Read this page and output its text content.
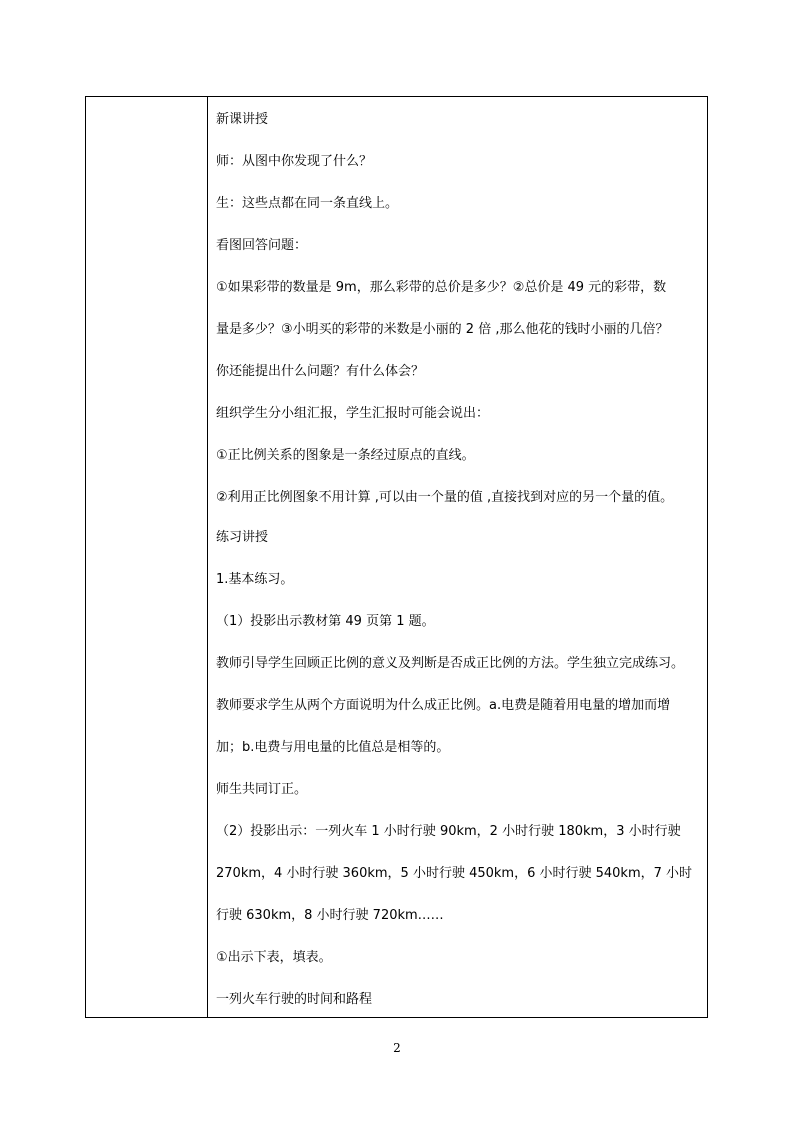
新课讲授
师：从图中你发现了什么？
生：这些点都在同一条直线上。
看图回答问题：
①如果彩带的数量是 9m，那么彩带的总价是多少？②总价是 49 元的彩带，数
量是多少？③小明买的彩带的米数是小丽的 2 倍 ,那么他花的钱时小丽的几倍？
你还能提出什么问题？有什么体会？
组织学生分小组汇报，学生汇报时可能会说出：
①正比例关系的图象是一条经过原点的直线。
②利用正比例图象不用计算 ,可以由一个量的值 ,直接找到对应的另一个量的值。
练习讲授
1.基本练习。
（1）投影出示教材第 49 页第 1 题。
教师引导学生回顾正比例的意义及判断是否成正比例的方法。学生独立完成练习。
教师要求学生从两个方面说明为什么成正比例。a.电费是随着用电量的增加而增
加；b.电费与用电量的比值总是相等的。
师生共同订正。
（2）投影出示：一列火车 1 小时行驶 90km，2 小时行驶 180km，3 小时行驶
270km，4 小时行驶 360km，5 小时行驶 450km，6 小时行驶 540km，7 小时
行驶 630km，8 小时行驶 720km……
①出示下表，填表。
一列火车行驶的时间和路程
2
